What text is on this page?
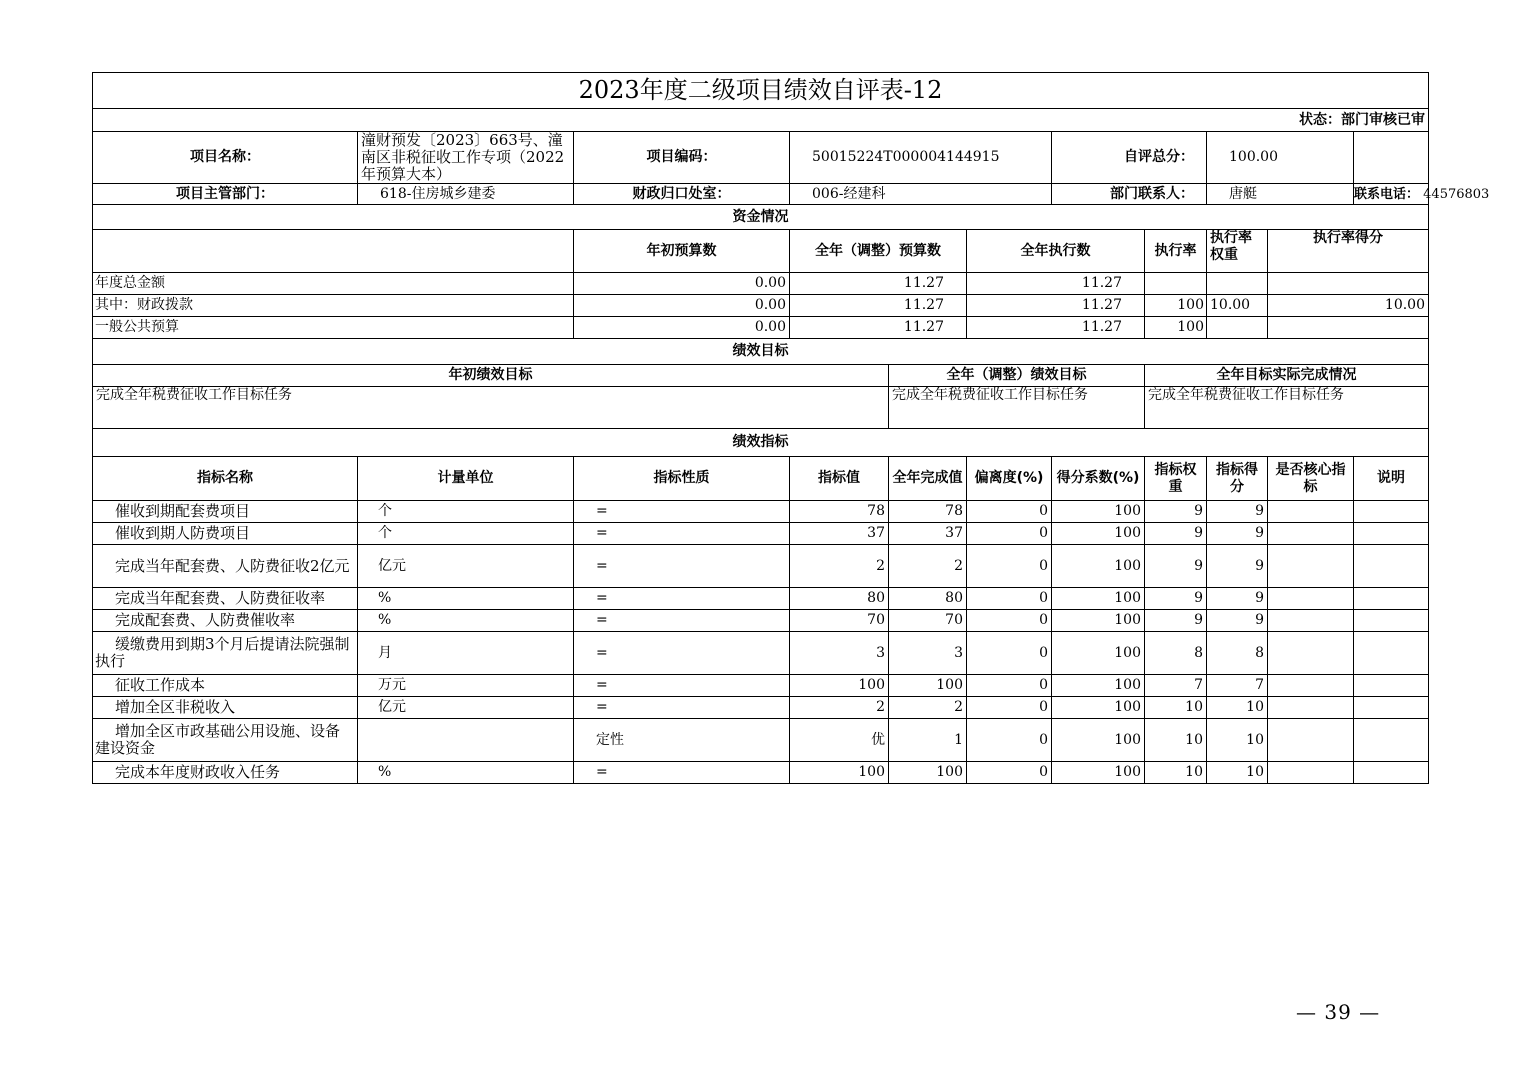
2023年度二级项目绩效自评表-12										
状态：部门审核已审										
项目名称：	潼财预发〔2023〕663号、潼南区非税征收工作专项（2022年预算大本）	项目编码：	50015224T000004144915			自评总分：		100.00		
项目主管部门：	618-住房城乡建委	财政归口处室：	006-经建科			部门联系人：		唐艇		联系电话： 44576803
资金情况										
		年初预算数	全年（调整）预算数		全年执行数		执行率	执行率权重	执行率得分	
年度总金额		0.00	11.27		11.27					
其中：财政拨款		0.00	11.27		11.27		100	10.00	10.00	
一般公共预算		0.00	11.27		11.27		100			
绩效目标										
年初绩效目标				全年（调整）绩效目标			全年目标实际完成情况			
完成全年税费征收工作目标任务				完成全年税费征收工作目标任务			完成全年税费征收工作目标任务			
绩效指标										
指标名称	计量单位	指标性质	指标值	全年完成值	偏离度(%)	得分系数(%)	指标权重	指标得分	是否核心指标	说明
催收到期配套费项目	个	=	78	78	0	100	9	9		
催收到期人防费项目	个	=	37	37	0	100	9	9		
完成当年配套费、人防费征收2亿元	亿元	=	2	2	0	100	9	9		
完成当年配套费、人防费征收率	%	=	80	80	0	100	9	9		
完成配套费、人防费催收率	%	=	70	70	0	100	9	9		
缓缴费用到期3个月后提请法院强制执行	月	=	3	3	0	100	8	8		
征收工作成本	万元	=	100	100	0	100	7	7		
增加全区非税收入	亿元	=	2	2	0	100	10	10		
增加全区市政基础公用设施、设备建设资金		定性	优	1	0	100	10	10		
完成本年度财政收入任务	%	=	100	100	0	100	10	10		
— 39 —
